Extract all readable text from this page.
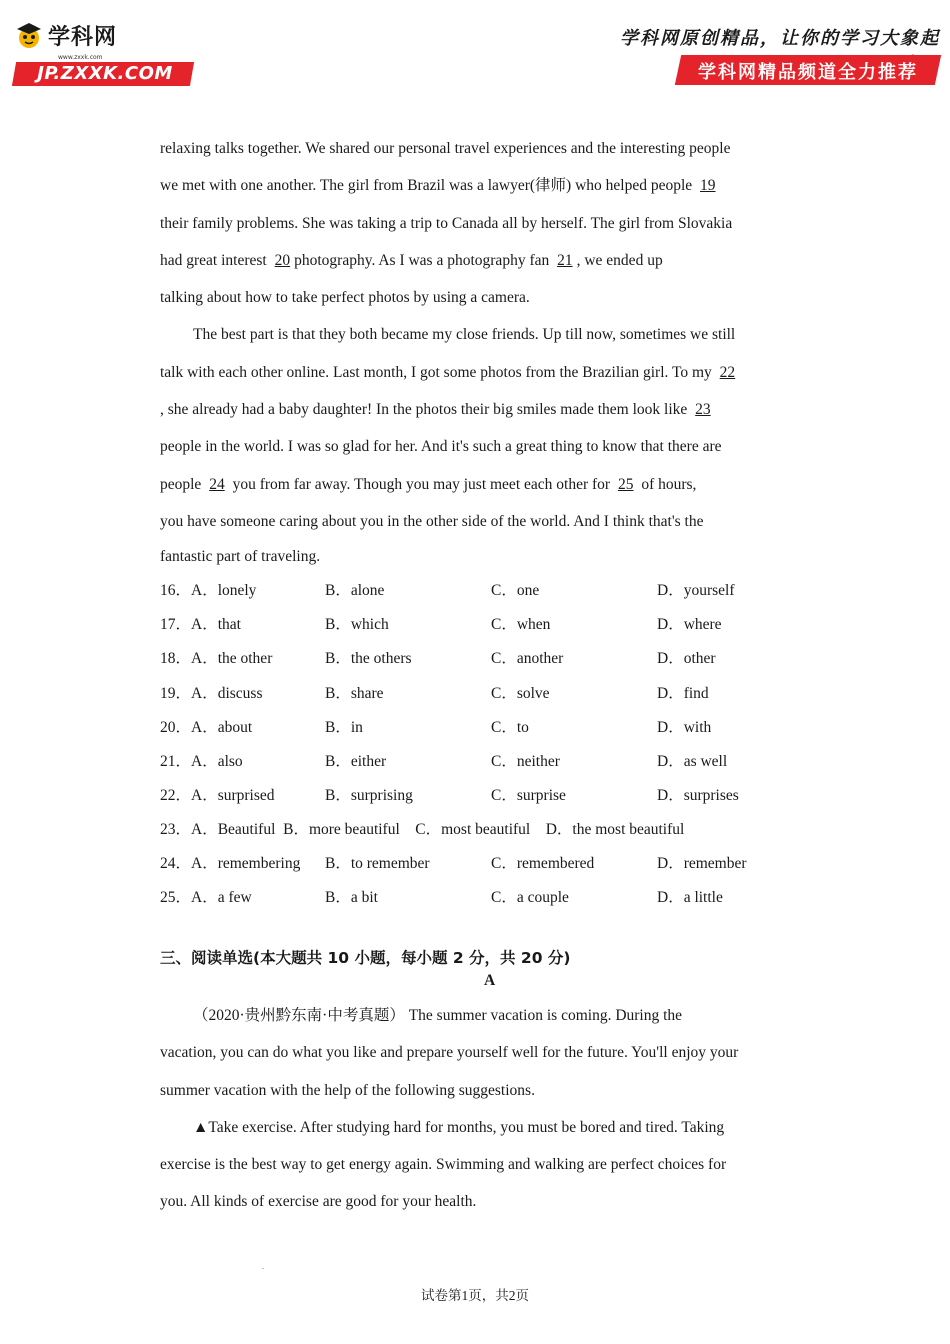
学科网
www.zxxk.com
JP.ZXXK.COM
学科网原创精品，让你的学习大象起
学科网精品频道全力推荐
relaxing talks together. We shared our personal travel experiences and the interesting people
we met with one another. The girl from Brazil was a lawyer(律师) who helped people 19
their family problems. She was taking a trip to Canada all by herself. The girl from Slovakia
had great interest 20 photography. As I was a photography fan 21 , we ended up
talking about how to take perfect photos by using a camera.
The best part is that they both became my close friends. Up till now, sometimes we still
talk with each other online. Last month, I got some photos from the Brazilian girl. To my 22
, she already had a baby daughter! In the photos their big smiles made them look like 23
people in the world. I was so glad for her. And it's such a great thing to know that there are
people 24 you from far away. Though you may just meet each other for 25 of hours,
you have someone caring about you in the other side of the world. And I think that's the
fantastic part of traveling.
16．A．lonely	B．alone	C．one	D．yourself
17．A．that	B．which	C．when	D．where
18．A．the other	B．the others	C．another	D．other
19．A．discuss	B．share	C．solve	D．find
20．A．about	B．in	C．to	D．with
21．A．also	B．either	C．neither	D．as well
22．A．surprised	B．surprising	C．surprise	D．surprises
23．A．Beautiful  B．more beautiful    C．most beautiful    D．the most beautiful
24．A．remembering B．to remember	C．remembered	D．remember
25．A．a few	B．a bit	C．a couple	D．a little
三、阅读单选(本大题共 10 小题，每小题 2 分，共 20 分)
A
（2020·贵州黔东南·中考真题） The summer vacation is coming. During the
vacation, you can do what you like and prepare yourself well for the future. You'll enjoy your
summer vacation with the help of the following suggestions.
▲Take exercise. After studying hard for months, you must be bored and tired. Taking
exercise is the best way to get energy again. Swimming and walking are perfect choices for
you. All kinds of exercise are good for your health.
.
试卷第1页，共2页
